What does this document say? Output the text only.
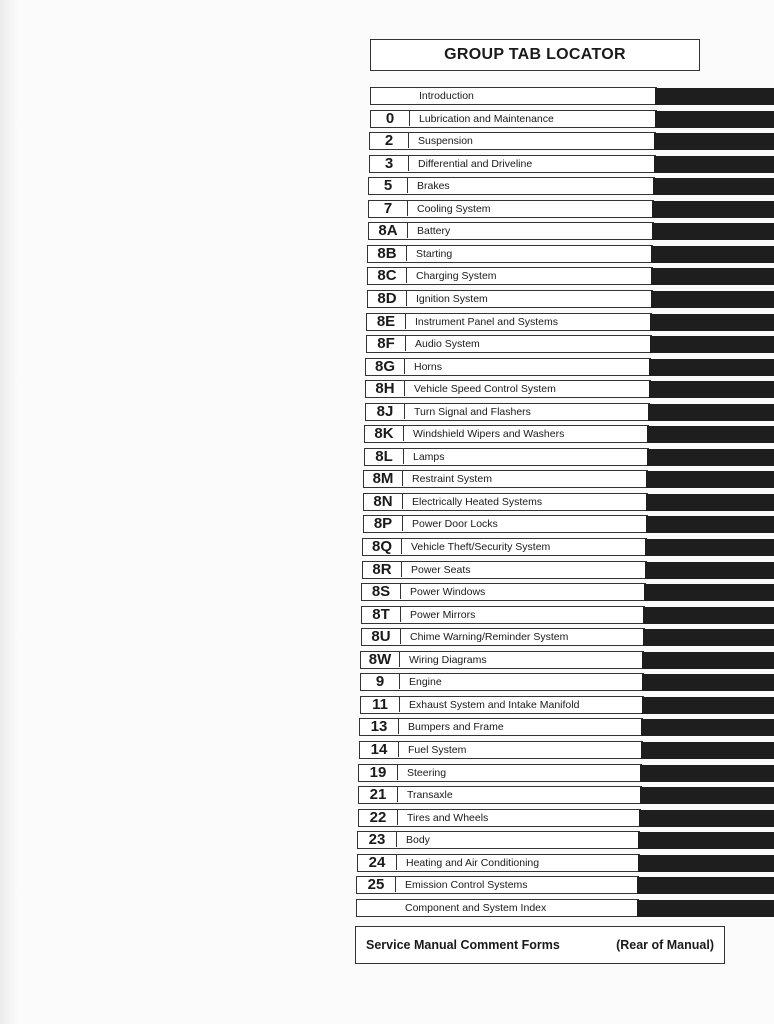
GROUP TAB LOCATOR
Introduction
0	Lubrication and Maintenance
2	Suspension
3	Differential and Driveline
5	Brakes
7	Cooling System
8A	Battery
8B	Starting
8C	Charging System
8D	Ignition System
8E	Instrument Panel and Systems
8F	Audio System
8G	Horns
8H	Vehicle Speed Control System
8J	Turn Signal and Flashers
8K	Windshield Wipers and Washers
8L	Lamps
8M	Restraint System
8N	Electrically Heated Systems
8P	Power Door Locks
8Q	Vehicle Theft/Security System
8R	Power Seats
8S	Power Windows
8T	Power Mirrors
8U	Chime Warning/Reminder System
8W	Wiring Diagrams
9	Engine
11	Exhaust System and Intake Manifold
13	Bumpers and Frame
14	Fuel System
19	Steering
21	Transaxle
22	Tires and Wheels
23	Body
24	Heating and Air Conditioning
25	Emission Control Systems
Component and System Index
Service Manual Comment Forms	(Rear of Manual)
